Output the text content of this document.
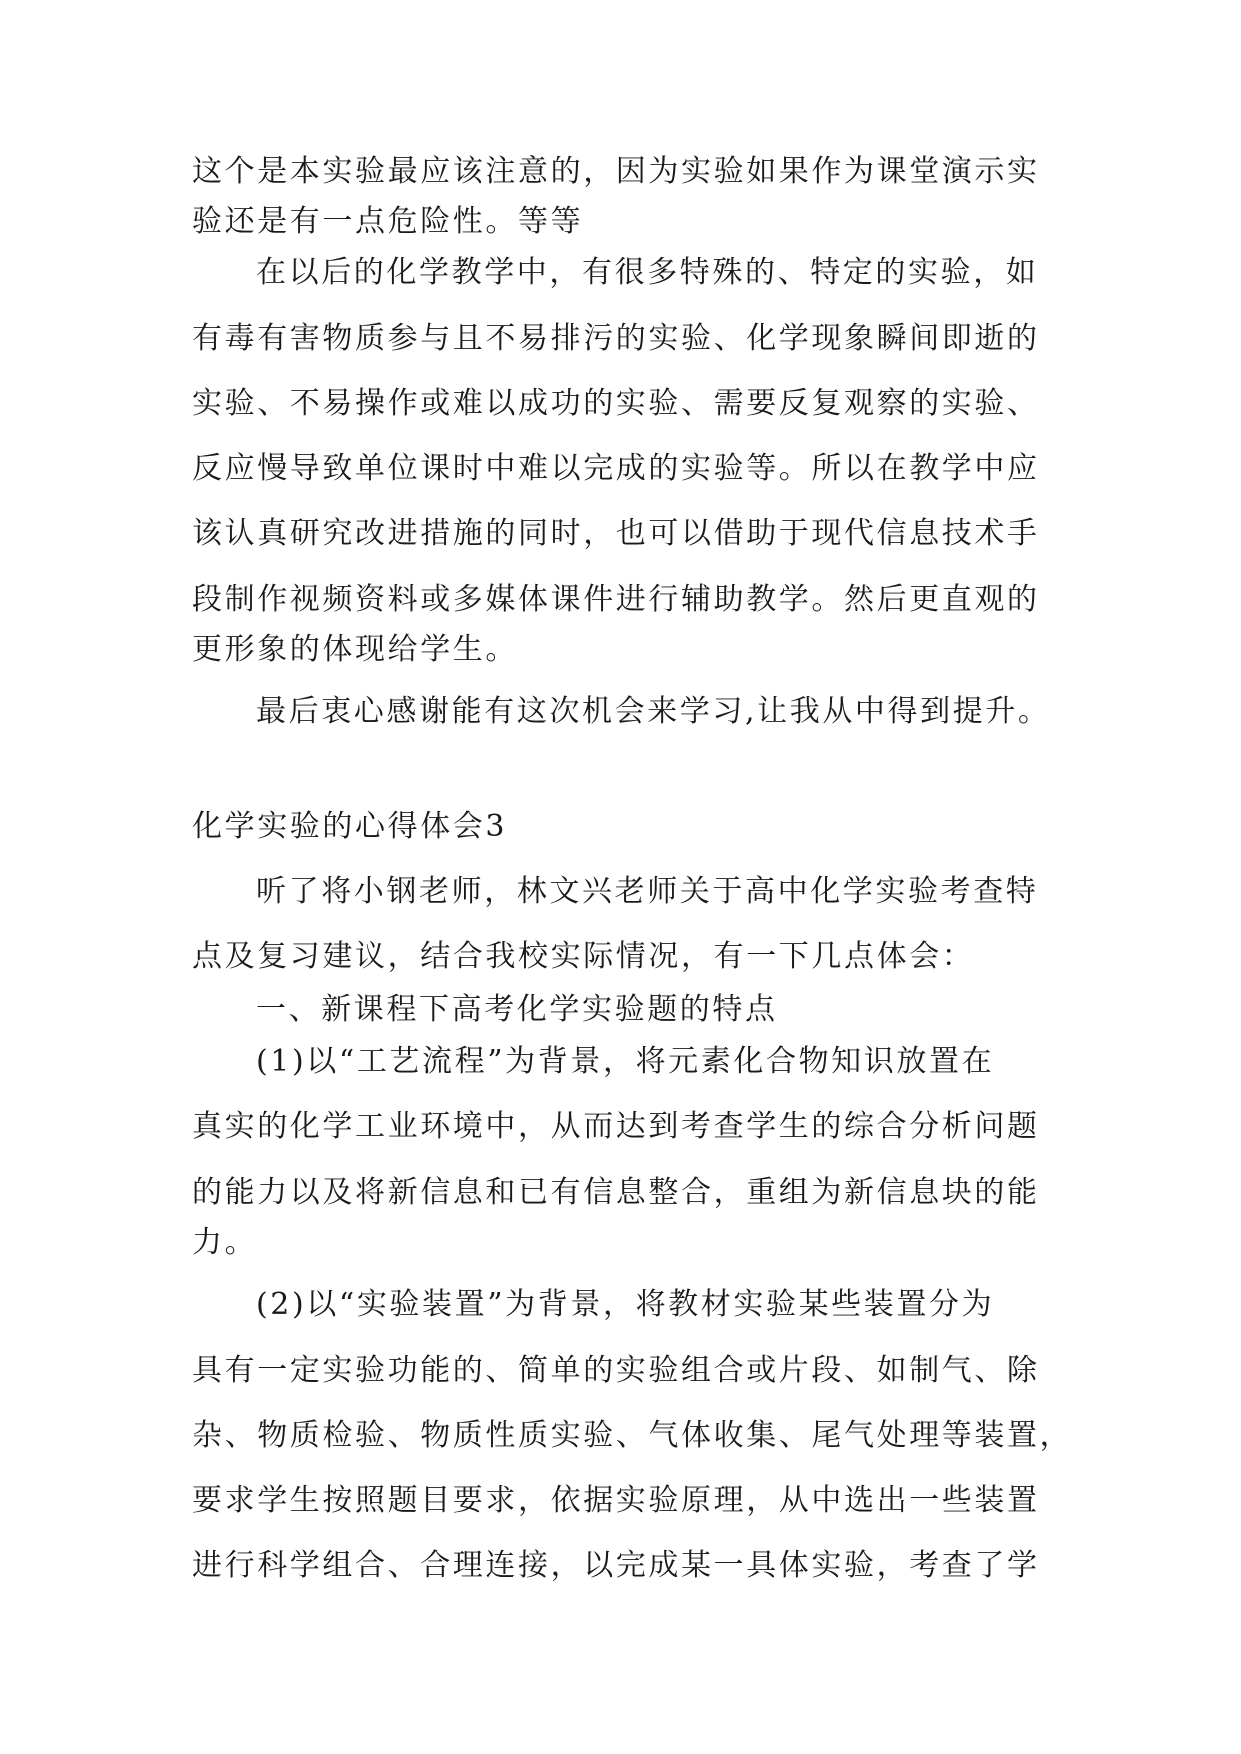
这个是本实验最应该注意的，因为实验如果作为课堂演示实

验还是有一点危险性。等等

在以后的化学教学中，有很多特殊的、特定的实验，如

有毒有害物质参与且不易排污的实验、化学现象瞬间即逝的

实验、不易操作或难以成功的实验、需要反复观察的实验、

反应慢导致单位课时中难以完成的实验等。所以在教学中应

该认真研究改进措施的同时，也可以借助于现代信息技术手

段制作视频资料或多媒体课件进行辅助教学。然后更直观的

更形象的体现给学生。

最后衷心感谢能有这次机会来学习,让我从中得到提升。

化学实验的心得体会3

听了将小钢老师，林文兴老师关于高中化学实验考查特

点及复习建议，结合我校实际情况，有一下几点体会：

一、新课程下高考化学实验题的特点

(1)以“工艺流程”为背景，将元素化合物知识放置在

真实的化学工业环境中，从而达到考查学生的综合分析问题

的能力以及将新信息和已有信息整合，重组为新信息块的能

力。

(2)以“实验装置”为背景，将教材实验某些装置分为

具有一定实验功能的、简单的实验组合或片段、如制气、除

杂、物质检验、物质性质实验、气体收集、尾气处理等装置，

要求学生按照题目要求，依据实验原理，从中选出一些装置

进行科学组合、合理连接，以完成某一具体实验，考查了学
